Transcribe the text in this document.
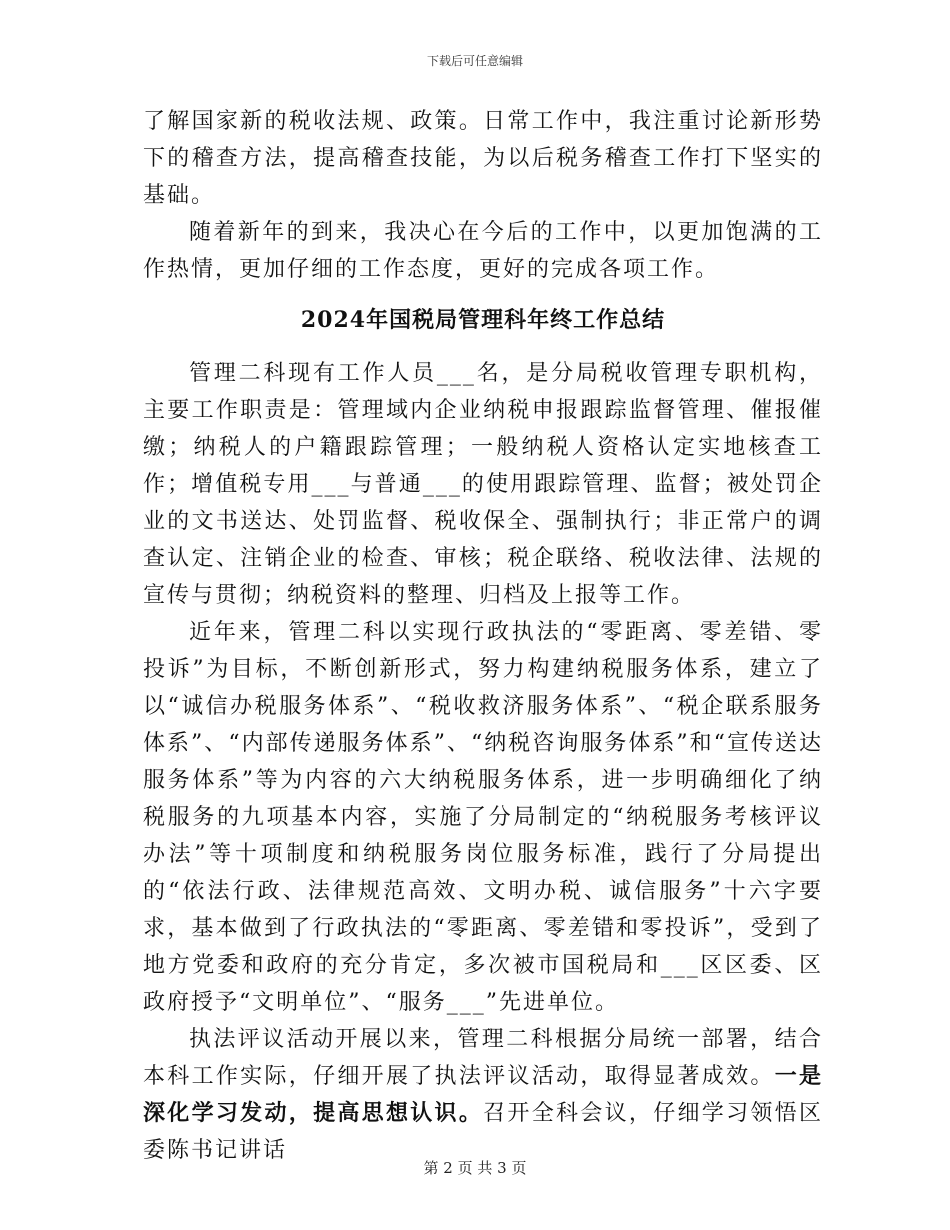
下载后可任意编辑

了解国家新的税收法规、政策。日常工作中，我注重讨论新形势下的稽查方法，提高稽查技能，为以后税务稽查工作打下坚实的基础。

随着新年的到来，我决心在今后的工作中，以更加饱满的工作热情，更加仔细的工作态度，更好的完成各项工作。

2024年国税局管理科年终工作总结

管理二科现有工作人员___名，是分局税收管理专职机构，主要工作职责是：管理域内企业纳税申报跟踪监督管理、催报催缴；纳税人的户籍跟踪管理；一般纳税人资格认定实地核查工作；增值税专用___与普通___的使用跟踪管理、监督；被处罚企业的文书送达、处罚监督、税收保全、强制执行；非正常户的调查认定、注销企业的检查、审核；税企联络、税收法律、法规的宣传与贯彻；纳税资料的整理、归档及上报等工作。

近年来，管理二科以实现行政执法的“零距离、零差错、零投诉”为目标，不断创新形式，努力构建纳税服务体系，建立了以“诚信办税服务体系”、“税收救济服务体系”、“税企联系服务体系”、“内部传递服务体系”、“纳税咨询服务体系”和“宣传送达服务体系”等为内容的六大纳税服务体系，进一步明确细化了纳税服务的九项基本内容，实施了分局制定的“纳税服务考核评议办法”等十项制度和纳税服务岗位服务标准，践行了分局提出的“依法行政、法律规范高效、文明办税、诚信服务”十六字要求，基本做到了行政执法的“零距离、零差错和零投诉”，受到了地方党委和政府的充分肯定，多次被市国税局和___区区委、区政府授予“文明单位”、“服务___”先进单位。

执法评议活动开展以来，管理二科根据分局统一部署，结合本科工作实际，仔细开展了执法评议活动，取得显著成效。一是深化学习发动，提高思想认识。召开全科会议，仔细学习领悟区委陈书记讲话

第 2 页 共 3 页
